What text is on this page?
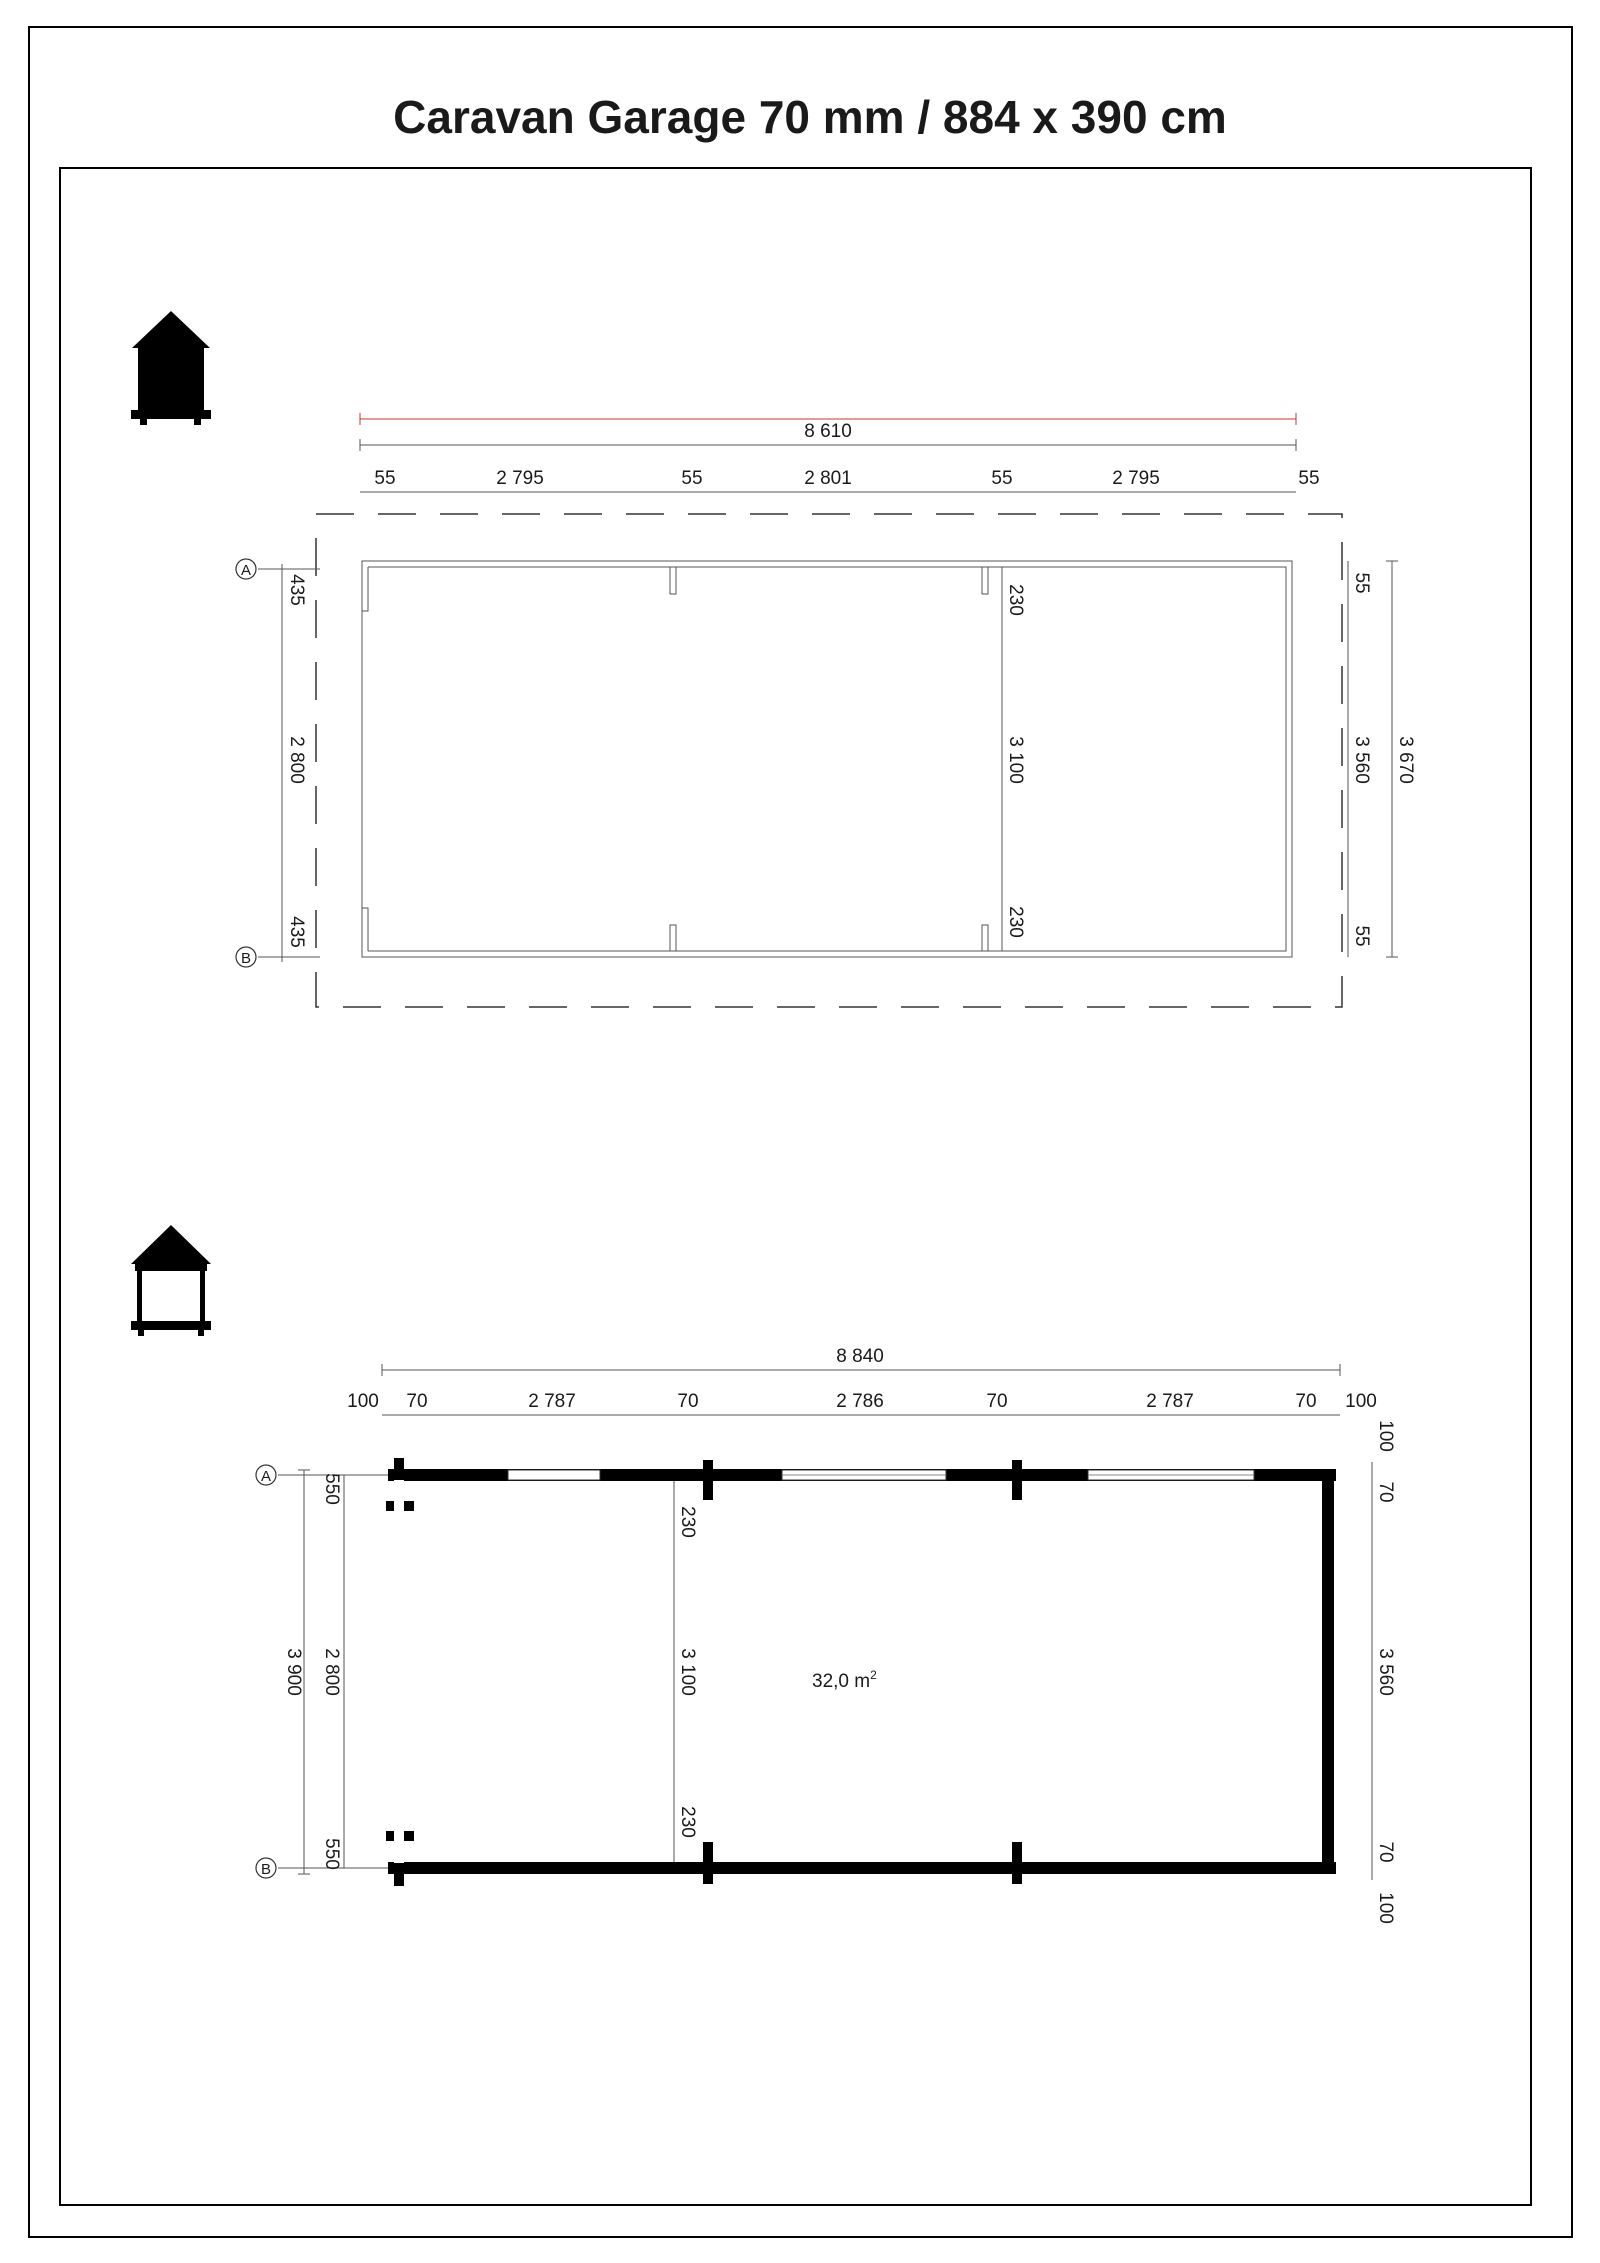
Caravan Garage 70 mm / 884 x 390 cm
8 610
55	2 795	55	2 801	55	2 795	55
A
B
435
2 800
435
230
3 100
230
55
3 560
55
3 670
8 840
100 70	2 787	70	2 786	70	2 787	70 100
A
B
3 900
550
2 800
550
230
3 100
230
32,0 $m^2$
100
70
3 560
70
100
